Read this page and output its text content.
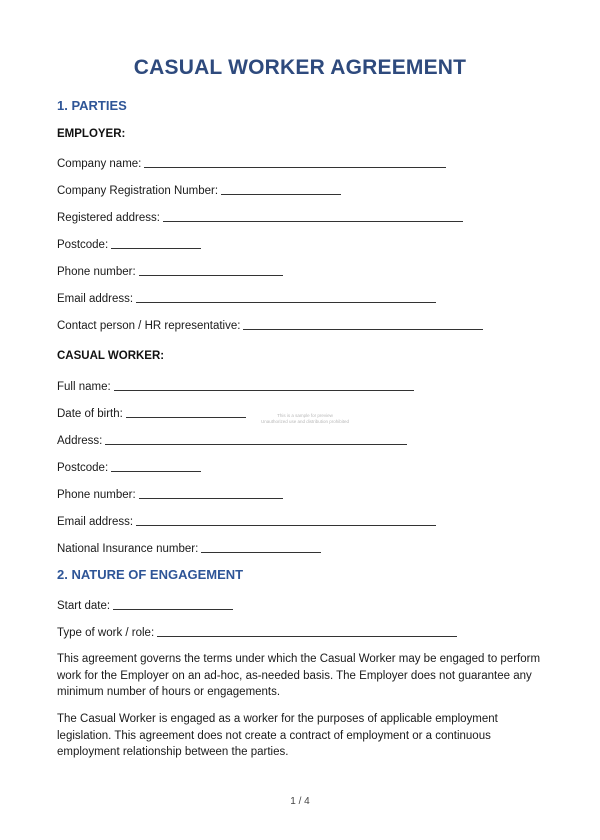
CASUAL WORKER AGREEMENT
1. PARTIES
EMPLOYER:
Company name:
Company Registration Number:
Registered address:
Postcode:
Phone number:
Email address:
Contact person / HR representative:
CASUAL WORKER:
Full name:
Date of birth:
Address:
Postcode:
Phone number:
Email address:
National Insurance number:
2. NATURE OF ENGAGEMENT
Start date:
Type of work / role:

This agreement governs the terms under which the Casual Worker may be engaged to perform work for the Employer on an ad-hoc, as-needed basis. The Employer does not guarantee any minimum number of hours or engagements.

The Casual Worker is engaged as a worker for the purposes of applicable employment legislation. This agreement does not create a contract of employment or a continuous employment relationship between the parties.

This is a sample for preview
Unauthorized use and distribution prohibited
1 / 4
